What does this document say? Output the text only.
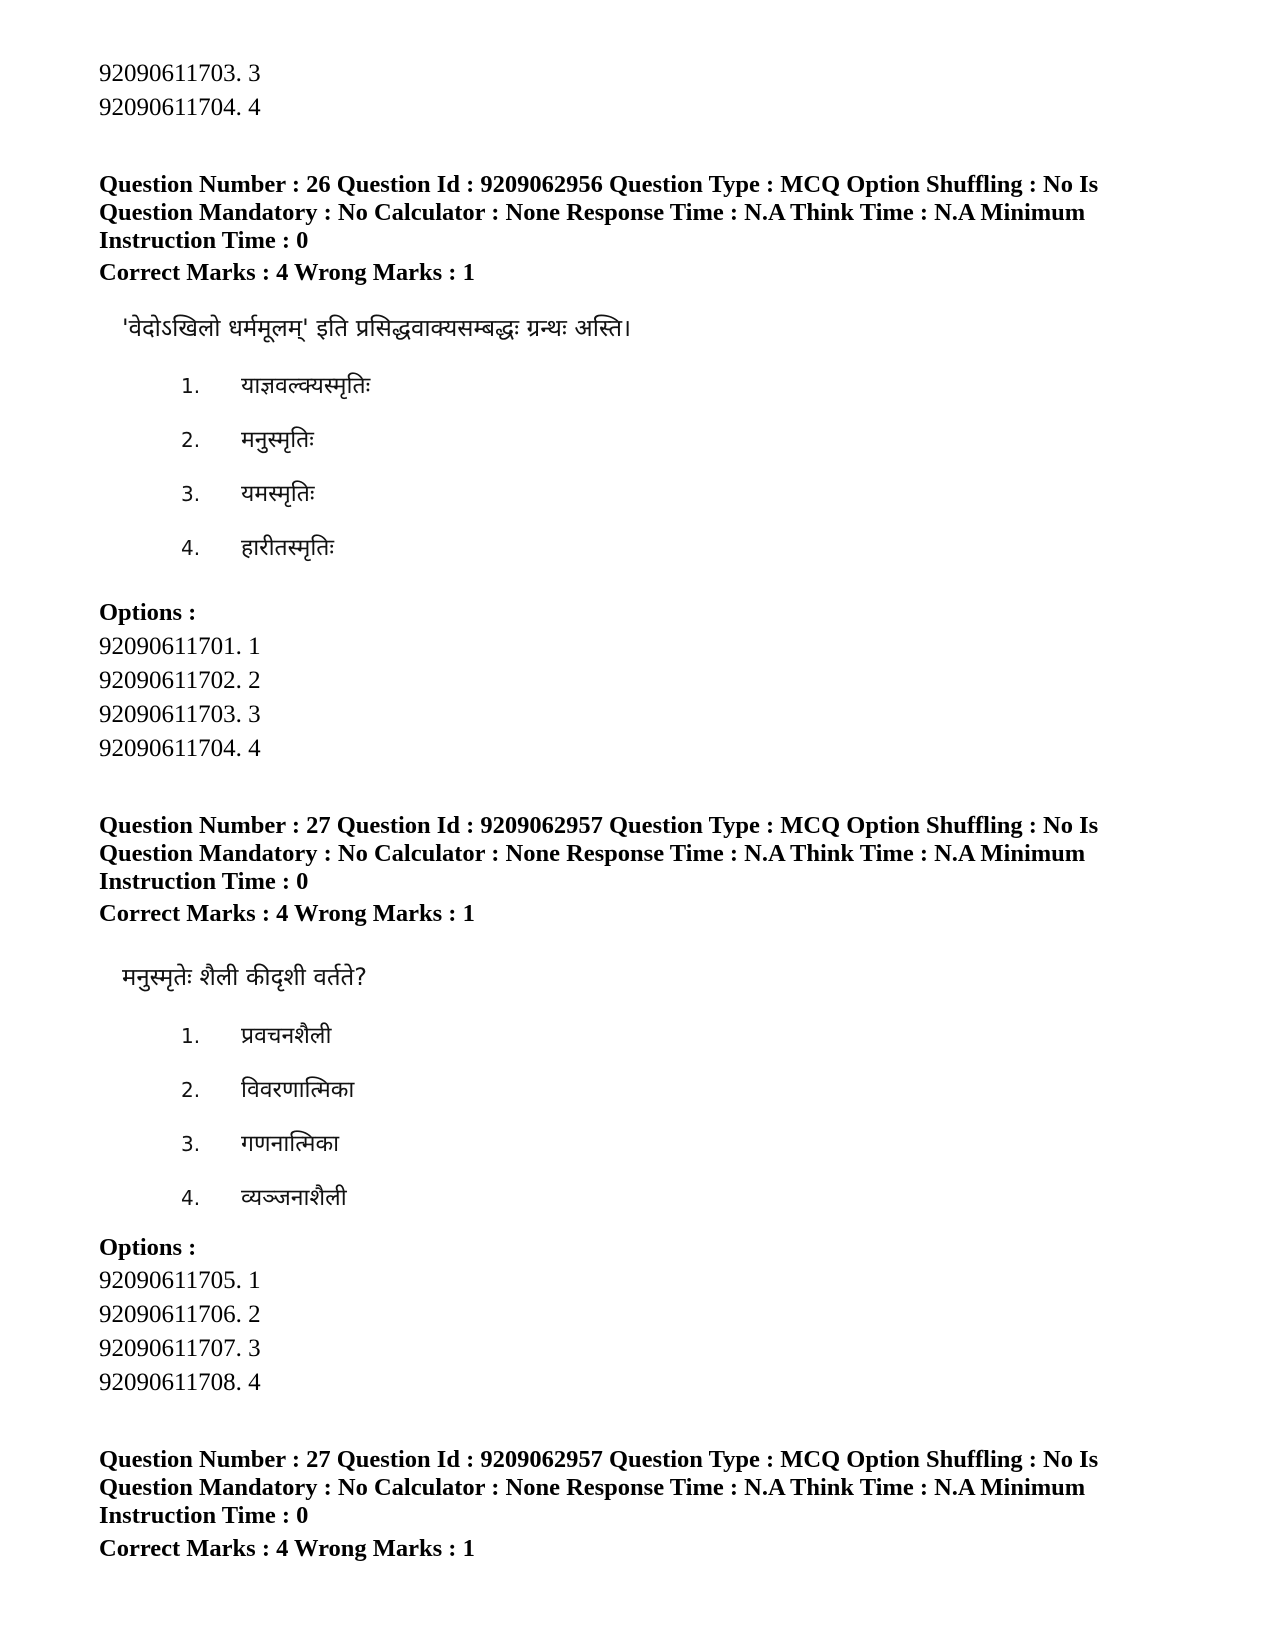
92090611703. 3
92090611704. 4
Question Number : 26 Question Id : 9209062956 Question Type : MCQ Option Shuffling : No Is Question Mandatory : No Calculator : None Response Time : N.A Think Time : N.A Minimum Instruction Time : 0
Correct Marks : 4 Wrong Marks : 1
'वेदोऽखिलो धर्ममूलम्' इति प्रसिद्धवाक्यसम्बद्धः ग्रन्थः अस्ति।
1. याज्ञवल्क्यस्मृतिः
2. मनुस्मृतिः
3. यमस्मृतिः
4. हारीतस्मृतिः
Options :
92090611701. 1
92090611702. 2
92090611703. 3
92090611704. 4
Question Number : 27 Question Id : 9209062957 Question Type : MCQ Option Shuffling : No Is Question Mandatory : No Calculator : None Response Time : N.A Think Time : N.A Minimum Instruction Time : 0
Correct Marks : 4 Wrong Marks : 1
मनुस्मृतेः शैली कीदृशी वर्तते?
1. प्रवचनशैली
2. विवरणात्मिका
3. गणनात्मिका
4. व्यञ्जनाशैली
Options :
92090611705. 1
92090611706. 2
92090611707. 3
92090611708. 4
Question Number : 27 Question Id : 9209062957 Question Type : MCQ Option Shuffling : No Is Question Mandatory : No Calculator : None Response Time : N.A Think Time : N.A Minimum Instruction Time : 0
Correct Marks : 4 Wrong Marks : 1
